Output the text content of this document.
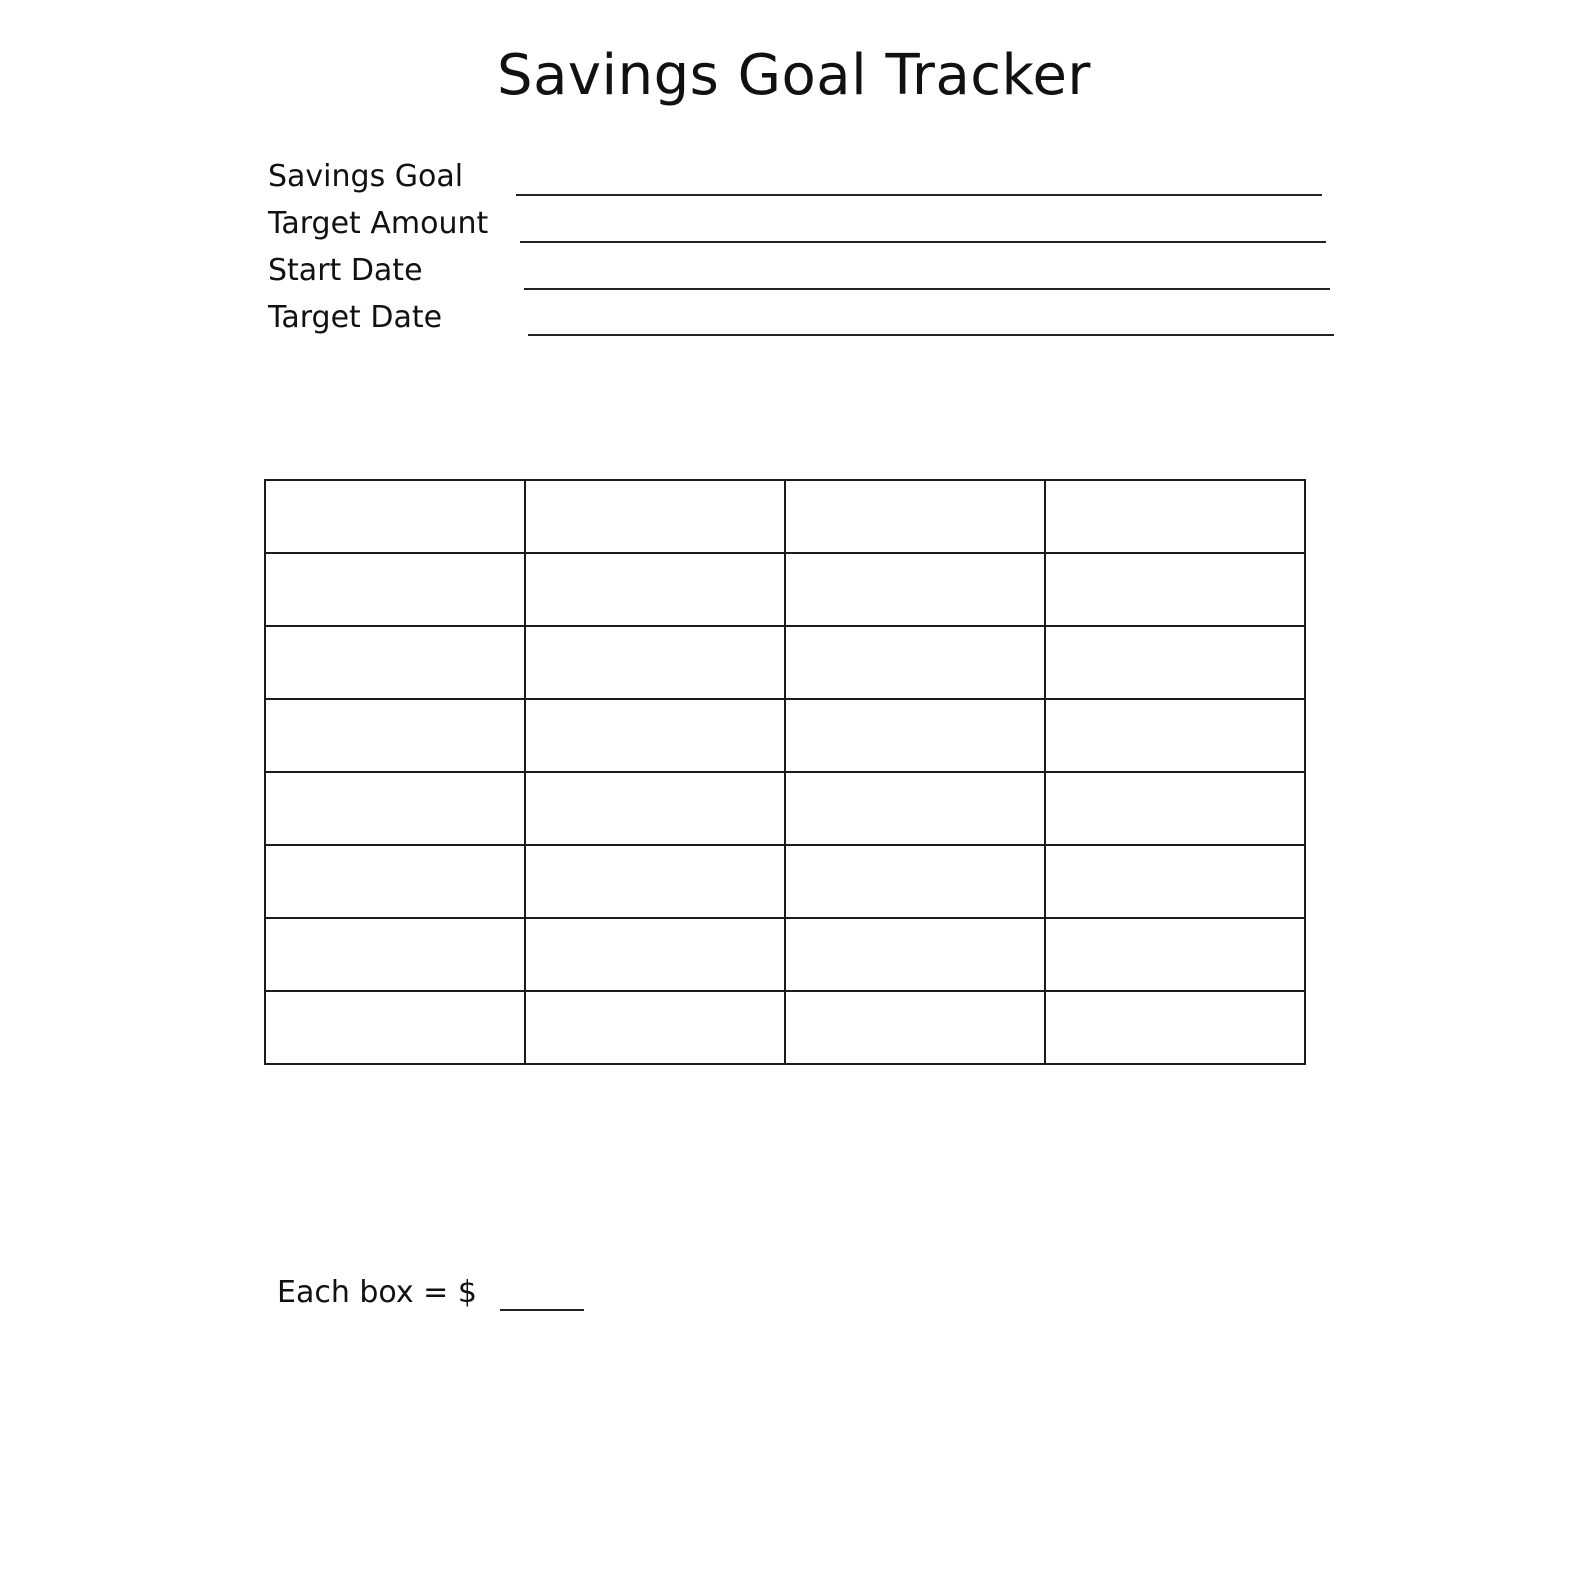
Savings Goal Tracker
Savings Goal
Target Amount
Start Date
Target Date

Each box = $
